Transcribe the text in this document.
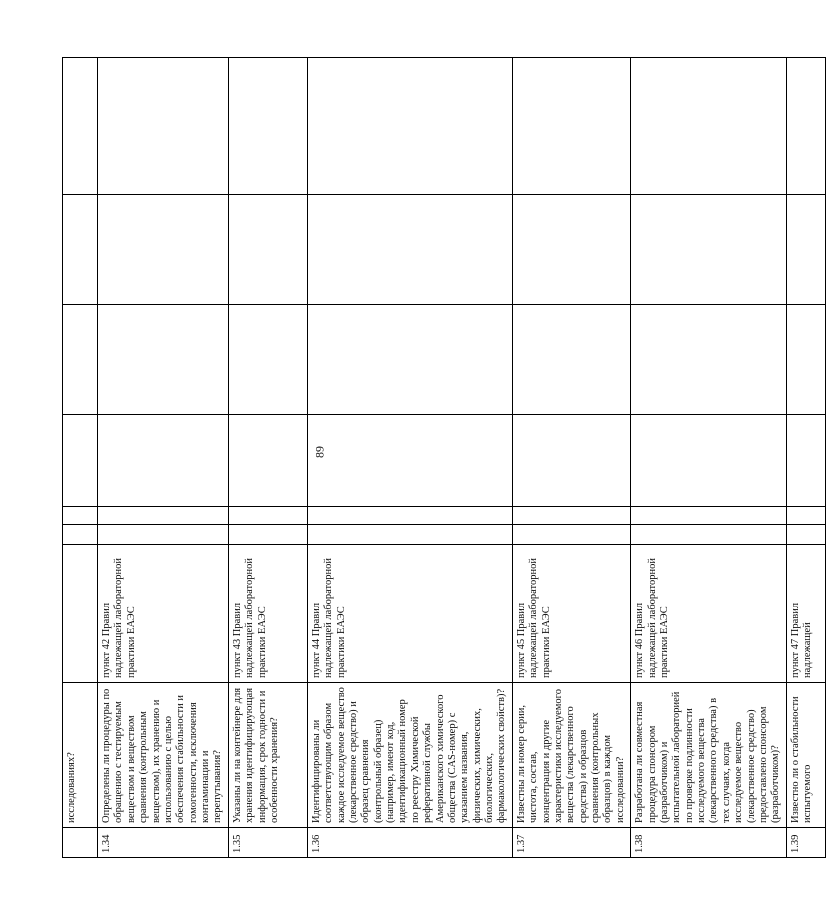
89
	исследованиях?							
1.34	Определены ли процедуры по обращению с тестируемым веществом и веществом сравнения (контрольным веществом), их хранению и использованию с целью обеспечения стабильности и гомогенности, исключения контаминации и перепутывания?	пункт 42 Правил надлежащей лабораторной практики ЕАЭС						
1.35	Указаны ли на контейнере для хранения идентифицирующая информация, срок годности и особенности хранения?	пункт 43 Правил надлежащей лабораторной практики ЕАЭС						
1.36	Идентифицированы ли соответствующим образом каждое исследуемое вещество (лекарственное средство) и образец сравнения (контрольный образец) (например, имеют код, идентификационный номер по реестру Химической реферативной службы Американского химического общества (CAS-номер) с указанием названия, физических, химических, биологических, фармакологических свойств)?	пункт 44 Правил надлежащей лабораторной практики ЕАЭС						
1.37	Известны ли номер серии, чистота, состав, концентрация и другие характеристики исследуемого вещества (лекарственного средства) и образцов сравнения (контрольных образцов) в каждом исследовании?	пункт 45 Правил надлежащей лабораторной практики ЕАЭС						
1.38	Разработана ли совместная процедура спонсором (разработчиком) и испытательной лабораторией по проверке подлинности исследуемого вещества (лекарственного средства) в тех случаях, когда исследуемое вещество (лекарственное средство) предоставлено спонсором (разработчиком)?	пункт 46 Правил надлежащей лабораторной практики ЕАЭС						
1.39	Известно ли о стабильности испытуемого	пункт 47 Правил надлежащей						
